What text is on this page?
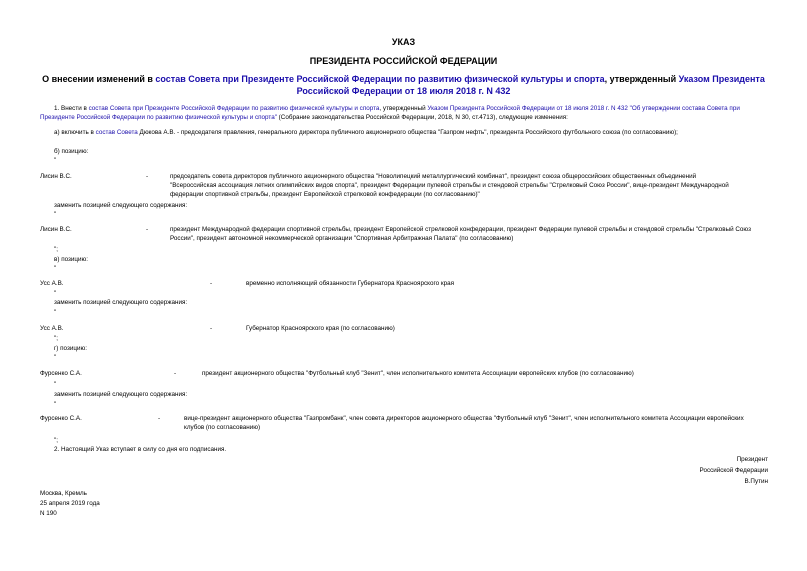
УКАЗ
ПРЕЗИДЕНТА РОССИЙСКОЙ ФЕДЕРАЦИИ
О внесении изменений в состав Совета при Президенте Российской Федерации по развитию физической культуры и спорта, утвержденный Указом Президента Российской Федерации от 18 июля 2018 г. N 432
1. Внести в состав Совета при Президенте Российской Федерации по развитию физической культуры и спорта, утвержденный Указом Президента Российской Федерации от 18 июля 2018 г. N 432 "Об утверждении состава Совета при Президенте Российской Федерации по развитию физической культуры и спорта" (Собрание законодательства Российской Федерации, 2018, N 30, ст.4713), следующие изменения:
а) включить в состав Совета Дюкова А.В. - председателя правления, генерального директора публичного акционерного общества "Газпром нефть", президента Российского футбольного союза (по согласованию);
б) позицию:
"
Лисин В.С.	-	председатель совета директоров публичного акционерного общества "Новолипецкий металлургический комбинат", президент союза общероссийских общественных объединений "Всероссийская ассоциация летних олимпийских видов спорта", президент Федерации пулевой стрельбы и стендовой стрельбы "Стрелковый Союз России", вице-президент Международной федерации спортивной стрельбы, президент Европейской стрелковой конфедерации (по согласованию)"
заменить позицией следующего содержания:
"
Лисин В.С.	-	президент Международной федерации спортивной стрельбы, президент Европейской стрелковой конфедерации, президент Федерации пулевой стрельбы и стендовой стрельбы "Стрелковый Союз России", президент автономной некоммерческой организации "Спортивная Арбитражная Палата" (по согласованию)
";
в) позицию:
"
Усс А.В.	-	временно исполняющий обязанности Губернатора Красноярского края
"
заменить позицией следующего содержания:
"
Усс А.В.	-	Губернатор Красноярского края (по согласованию)
";
г) позицию:
"
Фурсенко С.А.	-	президент акционерного общества "Футбольный клуб "Зенит", член исполнительного комитета Ассоциации европейских клубов (по согласованию)
"
заменить позицией следующего содержания:
"
Фурсенко С.А.	-	вице-президент акционерного общества "Газпромбанк", член совета директоров акционерного общества "Футбольный клуб "Зенит", член исполнительного комитета Ассоциации европейских клубов (по согласованию)
";
2. Настоящий Указ вступает в силу со дня его подписания.
Президент
Российской Федерации
В.Путин
Москва, Кремль
25 апреля 2019 года
N 190
